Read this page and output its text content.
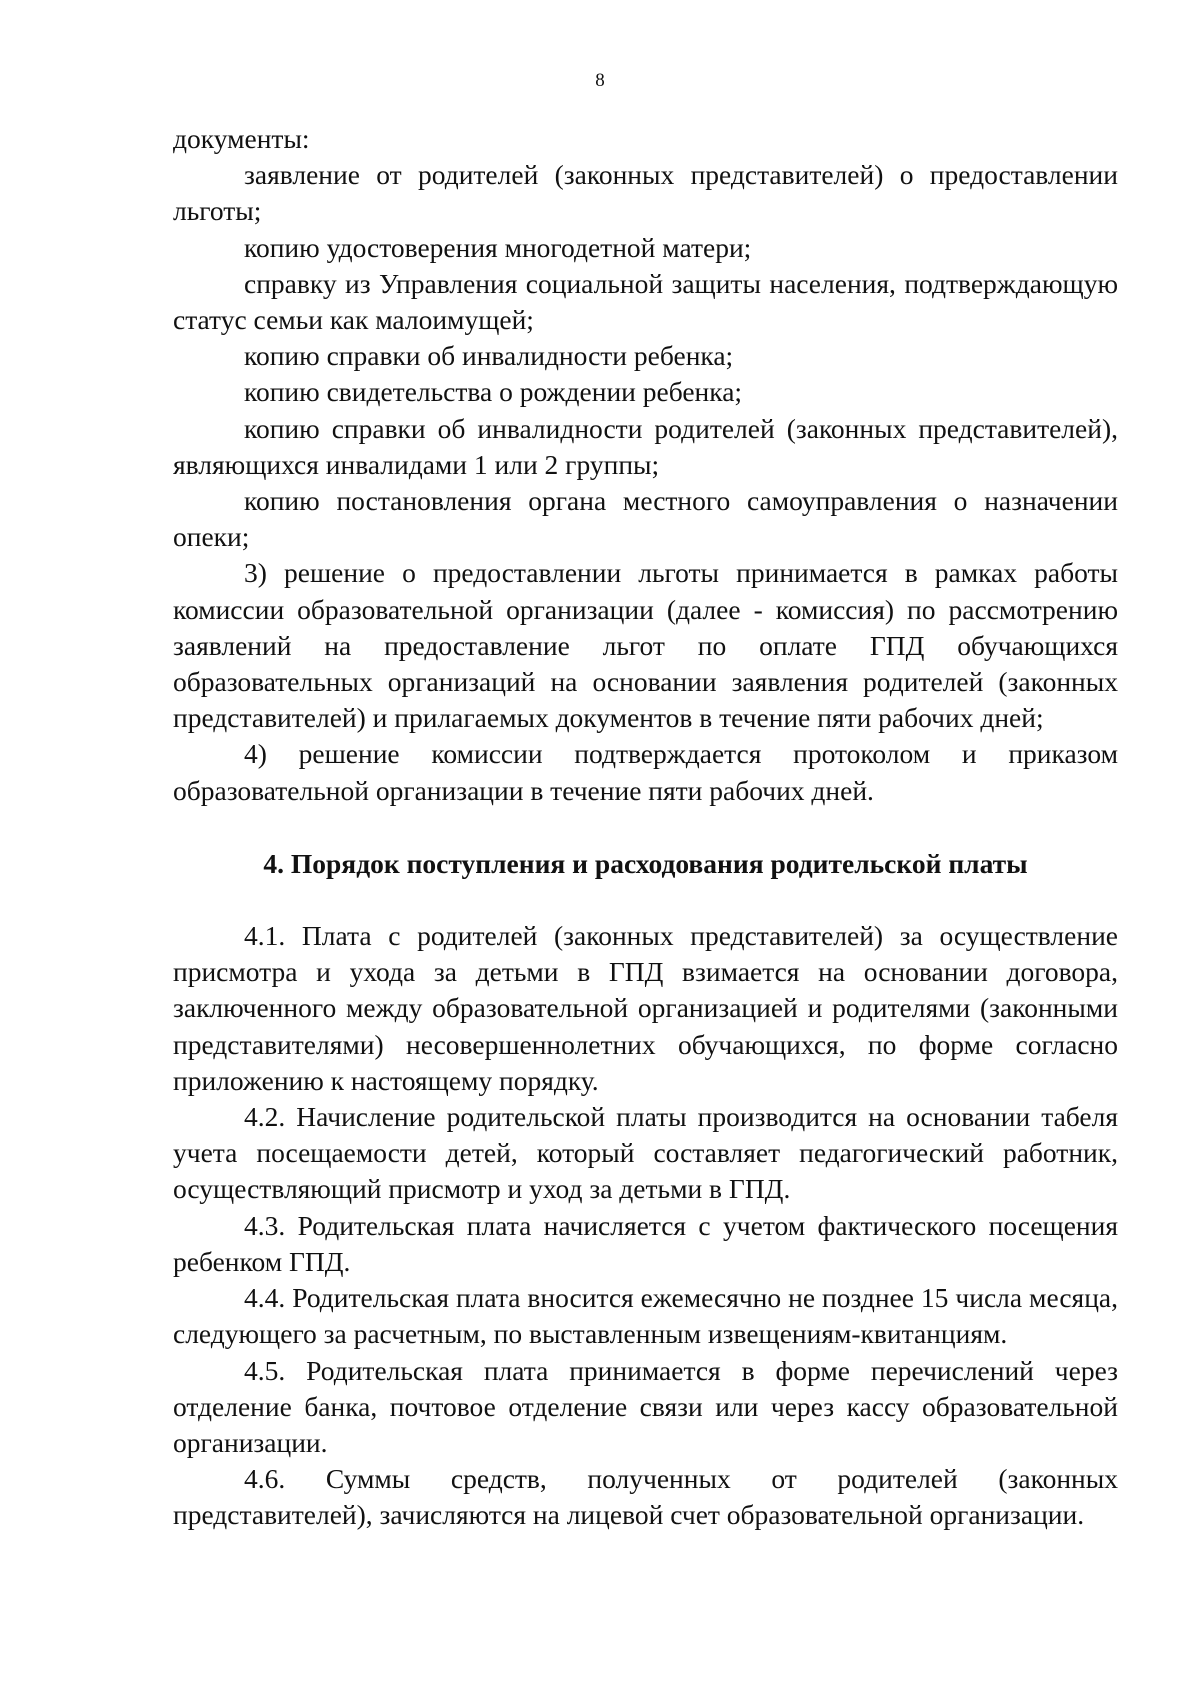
8

документы:

заявление от родителей (законных представителей) о предоставлении льготы;

копию удостоверения многодетной матери;

справку из Управления социальной защиты населения, подтверждающую статус семьи как малоимущей;

копию справки об инвалидности ребенка;

копию свидетельства о рождении ребенка;

копию справки об инвалидности родителей (законных представителей), являющихся инвалидами 1 или 2 группы;

копию постановления органа местного самоуправления о назначении опеки;

3) решение о предоставлении льготы принимается в рамках работы комиссии образовательной организации (далее - комиссия) по рассмотрению заявлений на предоставление льгот по оплате ГПД обучающихся образовательных организаций на основании заявления родителей (законных представителей) и прилагаемых документов в течение пяти рабочих дней;

4) решение комиссии подтверждается протоколом и приказом образовательной организации в течение пяти рабочих дней.

4. Порядок поступления и расходования родительской платы

4.1. Плата с родителей (законных представителей) за осуществление присмотра и ухода за детьми в ГПД взимается на основании договора, заключенного между образовательной организацией и родителями (законными представителями) несовершеннолетних обучающихся, по форме согласно приложению к настоящему порядку.

4.2. Начисление родительской платы производится на основании табеля учета посещаемости детей, который составляет педагогический работник, осуществляющий присмотр и уход за детьми в ГПД.

4.3. Родительская плата начисляется с учетом фактического посещения ребенком ГПД.

4.4. Родительская плата вносится ежемесячно не позднее 15 числа месяца, следующего за расчетным, по выставленным извещениям-квитанциям.

4.5. Родительская плата принимается в форме перечислений через отделение банка, почтовое отделение связи или через кассу образовательной организации.

4.6. Суммы средств, полученных от родителей (законных представителей), зачисляются на лицевой счет образовательной организации.
